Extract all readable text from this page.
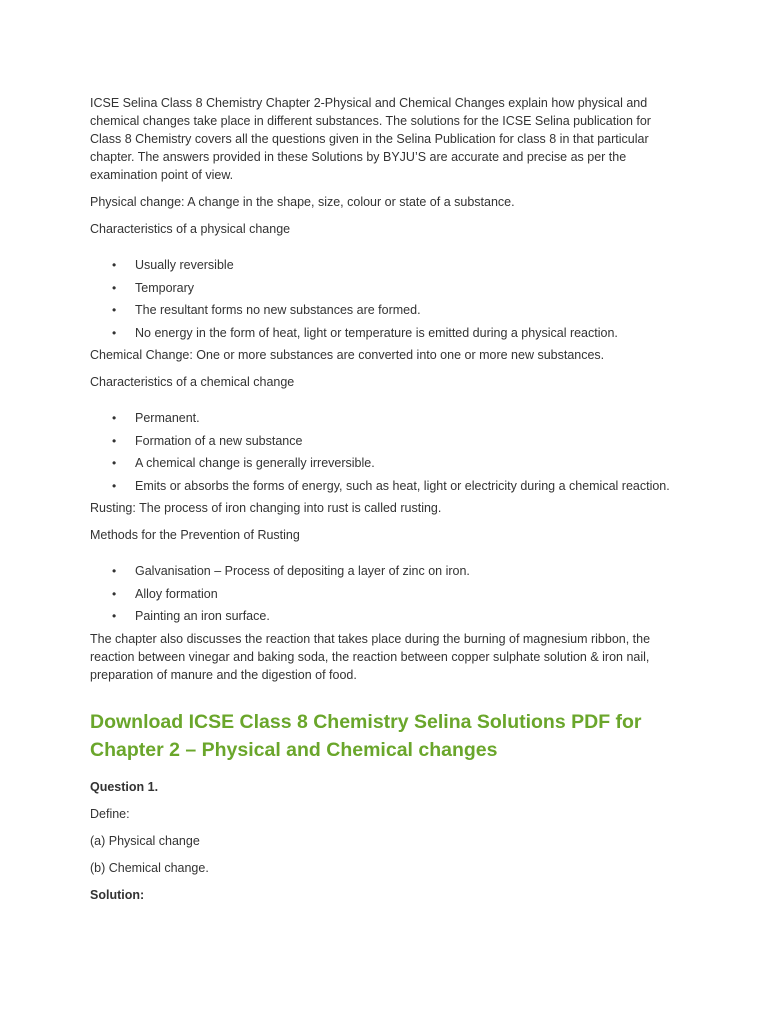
ICSE Selina Class 8 Chemistry Chapter 2-Physical and Chemical Changes explain how physical and chemical changes take place in different substances. The solutions for the ICSE Selina publication for Class 8 Chemistry covers all the questions given in the Selina Publication for class 8 in that particular chapter. The answers provided in these Solutions by BYJU’S are accurate and precise as per the examination point of view.

Physical change: A change in the shape, size, colour or state of a substance.

Characteristics of a physical change

• Usually reversible
• Temporary
• The resultant forms no new substances are formed.
• No energy in the form of heat, light or temperature is emitted during a physical reaction.

Chemical Change: One or more substances are converted into one or more new substances.

Characteristics of a chemical change

• Permanent.
• Formation of a new substance
• A chemical change is generally irreversible.
• Emits or absorbs the forms of energy, such as heat, light or electricity during a chemical reaction.

Rusting: The process of iron changing into rust is called rusting.

Methods for the Prevention of Rusting

• Galvanisation – Process of depositing a layer of zinc on iron.
• Alloy formation
• Painting an iron surface.

The chapter also discusses the reaction that takes place during the burning of magnesium ribbon, the reaction between vinegar and baking soda, the reaction between copper sulphate solution & iron nail, preparation of manure and the digestion of food.

Download ICSE Class 8 Chemistry Selina Solutions PDF for Chapter 2 – Physical and Chemical changes

Question 1.

Define:

(a) Physical change

(b) Chemical change.

Solution:
